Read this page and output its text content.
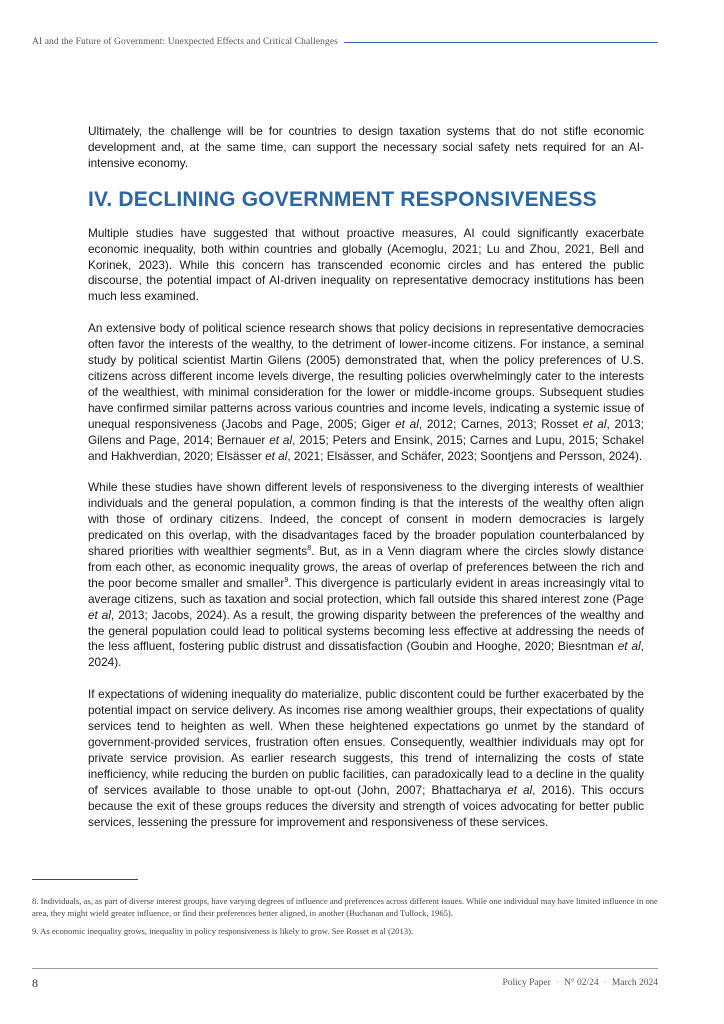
AI and the Future of Government: Unexpected Effects and Critical Challenges

Ultimately, the challenge will be for countries to design taxation systems that do not stifle economic development and, at the same time, can support the necessary social safety nets required for an AI-intensive economy.

IV. DECLINING GOVERNMENT RESPONSIVENESS

Multiple studies have suggested that without proactive measures, AI could significantly exacerbate economic inequality, both within countries and globally (Acemoglu, 2021; Lu and Zhou, 2021, Bell and Korinek, 2023). While this concern has transcended economic circles and has entered the public discourse, the potential impact of AI-driven inequality on representative democracy institutions has been much less examined.

An extensive body of political science research shows that policy decisions in representative democracies often favor the interests of the wealthy, to the detriment of lower-income citizens. For instance, a seminal study by political scientist Martin Gilens (2005) demonstrated that, when the policy preferences of U.S. citizens across different income levels diverge, the resulting policies overwhelmingly cater to the interests of the wealthiest, with minimal consideration for the lower or middle-income groups. Subsequent studies have confirmed similar patterns across various countries and income levels, indicating a systemic issue of unequal responsiveness (Jacobs and Page, 2005; Giger et al, 2012; Carnes, 2013; Rosset et al, 2013; Gilens and Page, 2014; Bernauer et al, 2015; Peters and Ensink, 2015; Carnes and Lupu, 2015; Schakel and Hakhverdian, 2020; Elsässer et al, 2021; Elsässer, and Schäfer, 2023; Soontjens and Persson, 2024).

While these studies have shown different levels of responsiveness to the diverging interests of wealthier individuals and the general population, a common finding is that the interests of the wealthy often align with those of ordinary citizens. Indeed, the concept of consent in modern democracies is largely predicated on this overlap, with the disadvantages faced by the broader population counterbalanced by shared priorities with wealthier segments$^8$. But, as in a Venn diagram where the circles slowly distance from each other, as economic inequality grows, the areas of overlap of preferences between the rich and the poor become smaller and smaller$^9$. This divergence is particularly evident in areas increasingly vital to average citizens, such as taxation and social protection, which fall outside this shared interest zone (Page et al, 2013; Jacobs, 2024). As a result, the growing disparity between the preferences of the wealthy and the general population could lead to political systems becoming less effective at addressing the needs of the less affluent, fostering public distrust and dissatisfaction (Goubin and Hooghe, 2020; Biesntman et al, 2024).

If expectations of widening inequality do materialize, public discontent could be further exacerbated by the potential impact on service delivery. As incomes rise among wealthier groups, their expectations of quality services tend to heighten as well. When these heightened expectations go unmet by the standard of government-provided services, frustration often ensues. Consequently, wealthier individuals may opt for private service provision. As earlier research suggests, this trend of internalizing the costs of state inefficiency, while reducing the burden on public facilities, can paradoxically lead to a decline in the quality of services available to those unable to opt-out (John, 2007; Bhattacharya et al, 2016). This occurs because the exit of these groups reduces the diversity and strength of voices advocating for better public services, lessening the pressure for improvement and responsiveness of these services.

8. Individuals, as, as part of diverse interest groups, have varying degrees of influence and preferences across different issues. While one individual may have limited influence in one area, they might wield greater influence, or find their preferences better aligned, in another (Buchanan and Tullock, 1965).

9. As economic inequality grows, inequality in policy responsiveness is likely to grow. See Rosset et al (2013).

8	Policy Paper · N° 02/24 · March 2024
